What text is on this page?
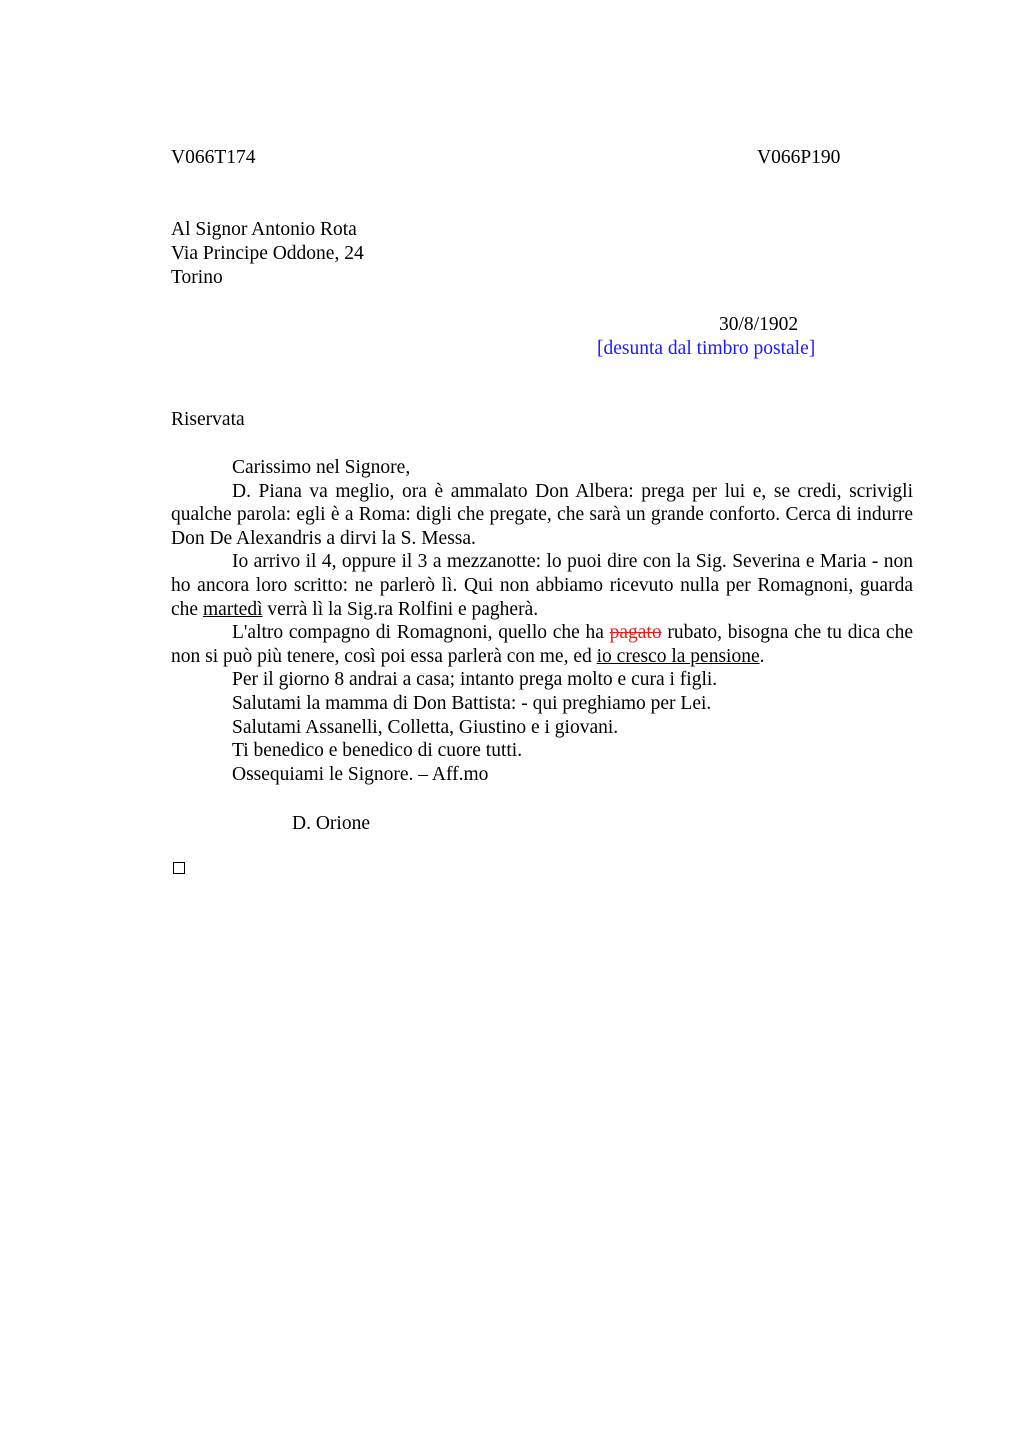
V066T174	V066P190
Al Signor Antonio Rota
Via Principe Oddone, 24
Torino
30/8/1902
[desunta dal timbro postale]
Riservata

Carissimo nel Signore,

D. Piana va meglio, ora è ammalato Don Albera: prega per lui e, se credi, scrivigli qualche parola: egli è a Roma: digli che pregate, che sarà un grande conforto. Cerca di indurre Don De Alexandris a dirvi la S. Messa.

Io arrivo il 4, oppure il 3 a mezzanotte: lo puoi dire con la Sig. Severina e Maria - non ho ancora loro scritto: ne parlerò lì. Qui non abbiamo ricevuto nulla per Romagnoni, guarda che martedì verrà lì la Sig.ra Rolfini e pagherà.

L'altro compagno di Romagnoni, quello che ha pagato rubato, bisogna che tu dica che non si può più tenere, così poi essa parlerà con me, ed io cresco la pensione.

Per il giorno 8 andrai a casa; intanto prega molto e cura i figli.

Salutami la mamma di Don Battista: - qui preghiamo per Lei.

Salutami Assanelli, Colletta, Giustino e i giovani.

Ti benedico e benedico di cuore tutti.

Ossequiami le Signore. – Aff.mo

D. Orione
